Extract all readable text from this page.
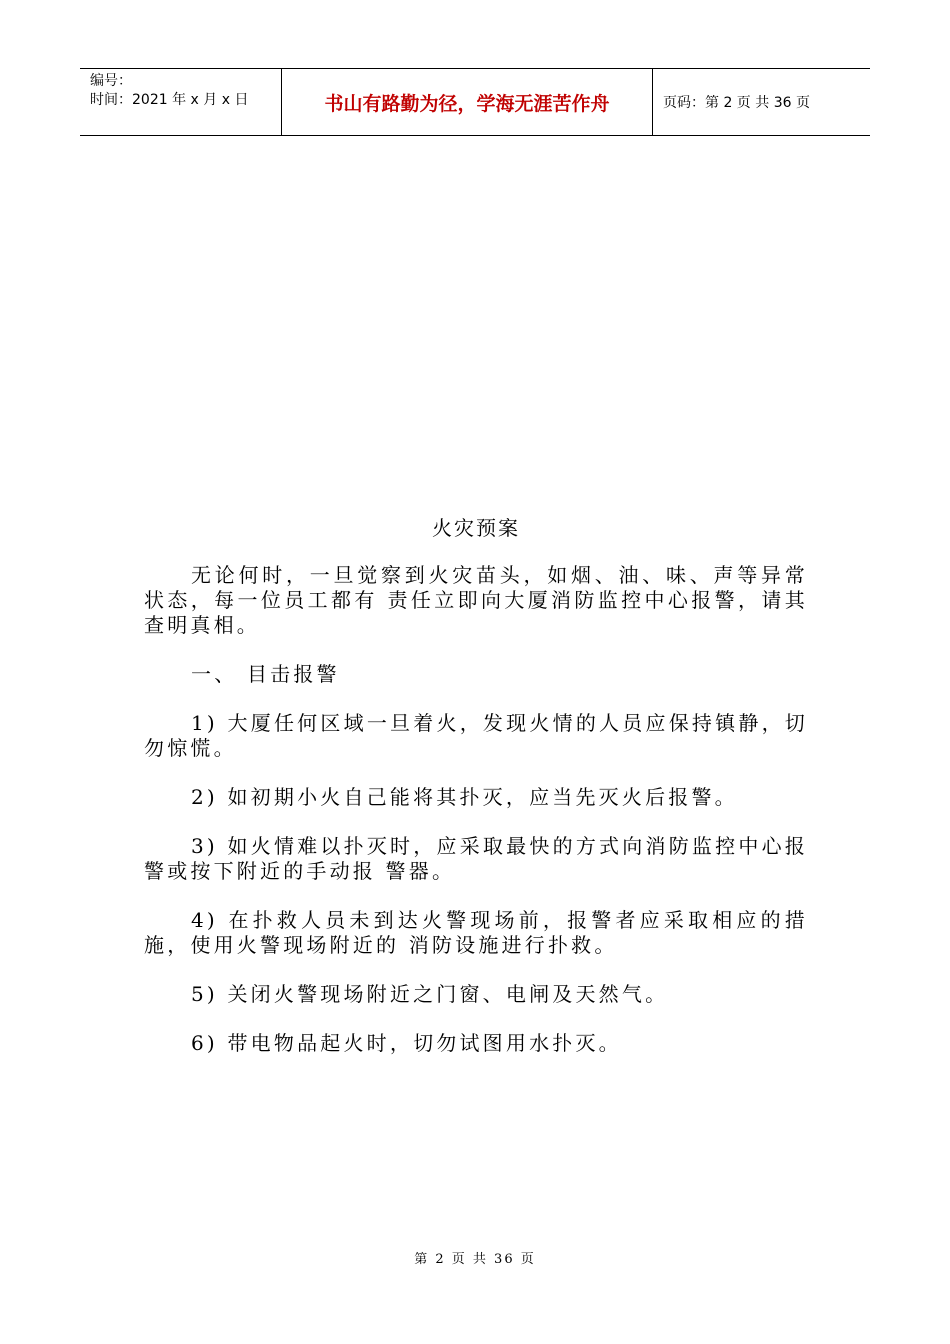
编号：
时间：2021 年 x 月 x 日	书山有路勤为径，学海无涯苦作舟	页码：第 2 页 共 36 页
火灾预案
无论何时，一旦觉察到火灾苗头，如烟、油、味、声等异常状态，每一位员工都有 责任立即向大厦消防监控中心报警，请其查明真相。
一、 目击报警
1) 大厦任何区域一旦着火，发现火情的人员应保持镇静，切勿惊慌。
2) 如初期小火自己能将其扑灭，应当先灭火后报警。
3) 如火情难以扑灭时，应采取最快的方式向消防监控中心报警或按下附近的手动报 警器。
4) 在扑救人员未到达火警现场前，报警者应采取相应的措施，使用火警现场附近的 消防设施进行扑救。
5) 关闭火警现场附近之门窗、电闸及天然气。
6) 带电物品起火时，切勿试图用水扑灭。
第 2 页 共 36 页
